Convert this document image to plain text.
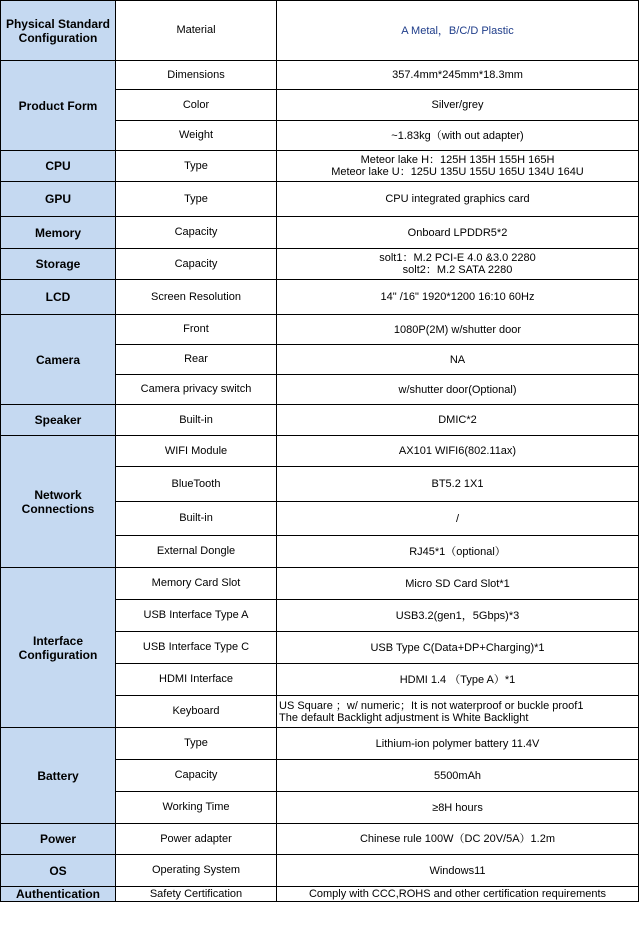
Physical Standard
Configuration	Material	A Metal，B/C/D Plastic

Product Form	Dimensions	357.4mm*245mm*18.3mm

	Color	Silver/grey

	Weight	~1.83kg（with out adapter)

CPU	Type	Meteor lake H：125H 135H 155H 165H
Meteor lake U：125U 135U 155U 165U 134U 164U

GPU	Type	CPU integrated graphics card

Memory	Capacity	Onboard LPDDR5*2

Storage	Capacity	solt1：M.2 PCI-E 4.0 &3.0 2280
solt2：M.2 SATA 2280

LCD	Screen Resolution	14" /16" 1920*1200 16:10 60Hz

Camera	Front	1080P(2M) w/shutter door

	Rear	NA

	Camera privacy switch	w/shutter door(Optional)

Speaker	Built-in	DMIC*2

Network
Connections	WIFI Module	AX101 WIFI6(802.11ax)

	BlueTooth	BT5.2 1X1

	Built-in	/

	External Dongle	RJ45*1（optional）

Interface
Configuration	Memory Card Slot	Micro SD Card Slot*1

	USB Interface Type A	USB3.2(gen1，5Gbps)*3

	USB Interface Type C	USB Type C(Data+DP+Charging)*1

	HDMI Interface	HDMI 1.4 （Type A）*1

	Keyboard	US Square ；w/ numeric；It is not waterproof or buckle proof1
The default Backlight adjustment is White Backlight

Battery	Type	Lithium-ion polymer battery 11.4V

	Capacity	5500mAh

	Working Time	≥8H hours

Power	Power adapter	Chinese rule 100W（DC 20V/5A）1.2m

OS	Operating System	Windows11

Authentication	Safety Certification	Comply with CCC,ROHS and other certification requirements
